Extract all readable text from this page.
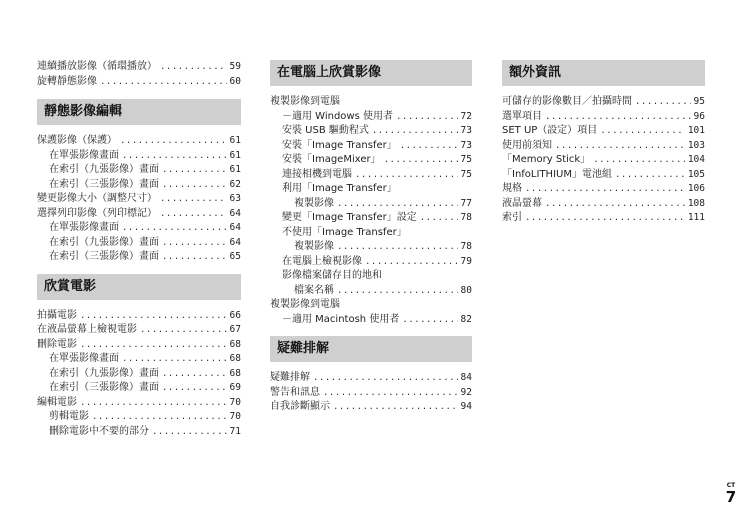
連續播放影像（循環播放） .....	59
旋轉靜態影像 .....	60
靜態影像編輯
保護影像（保護） .....	61
在單張影像畫面 .....	61
在索引（九張影像）畫面 .....	61
在索引（三張影像）畫面 .....	62
變更影像大小（調整尺寸） .....	63
選擇列印影像（列印標記） .....	64
在單張影像畫面 .....	64
在索引（九張影像）畫面 .....	64
在索引（三張影像）畫面 .....	65
欣賞電影
拍攝電影 .....	66
在液晶螢幕上檢視電影 .....	67
刪除電影 .....	68
在單張影像畫面 .....	68
在索引（九張影像）畫面 .....	68
在索引（三張影像）畫面 .....	69
編輯電影 .....	70
剪輯電影 .....	70
刪除電影中不要的部分 .....	71
在電腦上欣賞影像
複製影像到電腦
－適用 Windows 使用者 .....	72
安裝 USB 驅動程式 .....	73
安裝「Image Transfer」 .....	73
安裝「ImageMixer」 .....	75
連接相機到電腦 .....	75
利用「Image Transfer」
複製影像 .....	77
變更「Image Transfer」設定 .....	78
不使用「Image Transfer」
複製影像 .....	78
在電腦上檢視影像 .....	79
影像檔案儲存目的地和
檔案名稱 .....	80
複製影像到電腦
－適用 Macintosh 使用者 .....	82
疑難排解
疑難排解 .....	84
警告和訊息 .....	92
自我診斷顯示 .....	94
額外資訊
可儲存的影像數目／拍攝時間 .....	95
選單項目 .....	96
SET UP（設定）項目 .....	101
使用前須知 .....	103
「Memory Stick」 .....	104
「InfoLITHIUM」電池組 .....	105
規格 .....	106
液晶螢幕 .....	108
索引 .....	111
CT
7
